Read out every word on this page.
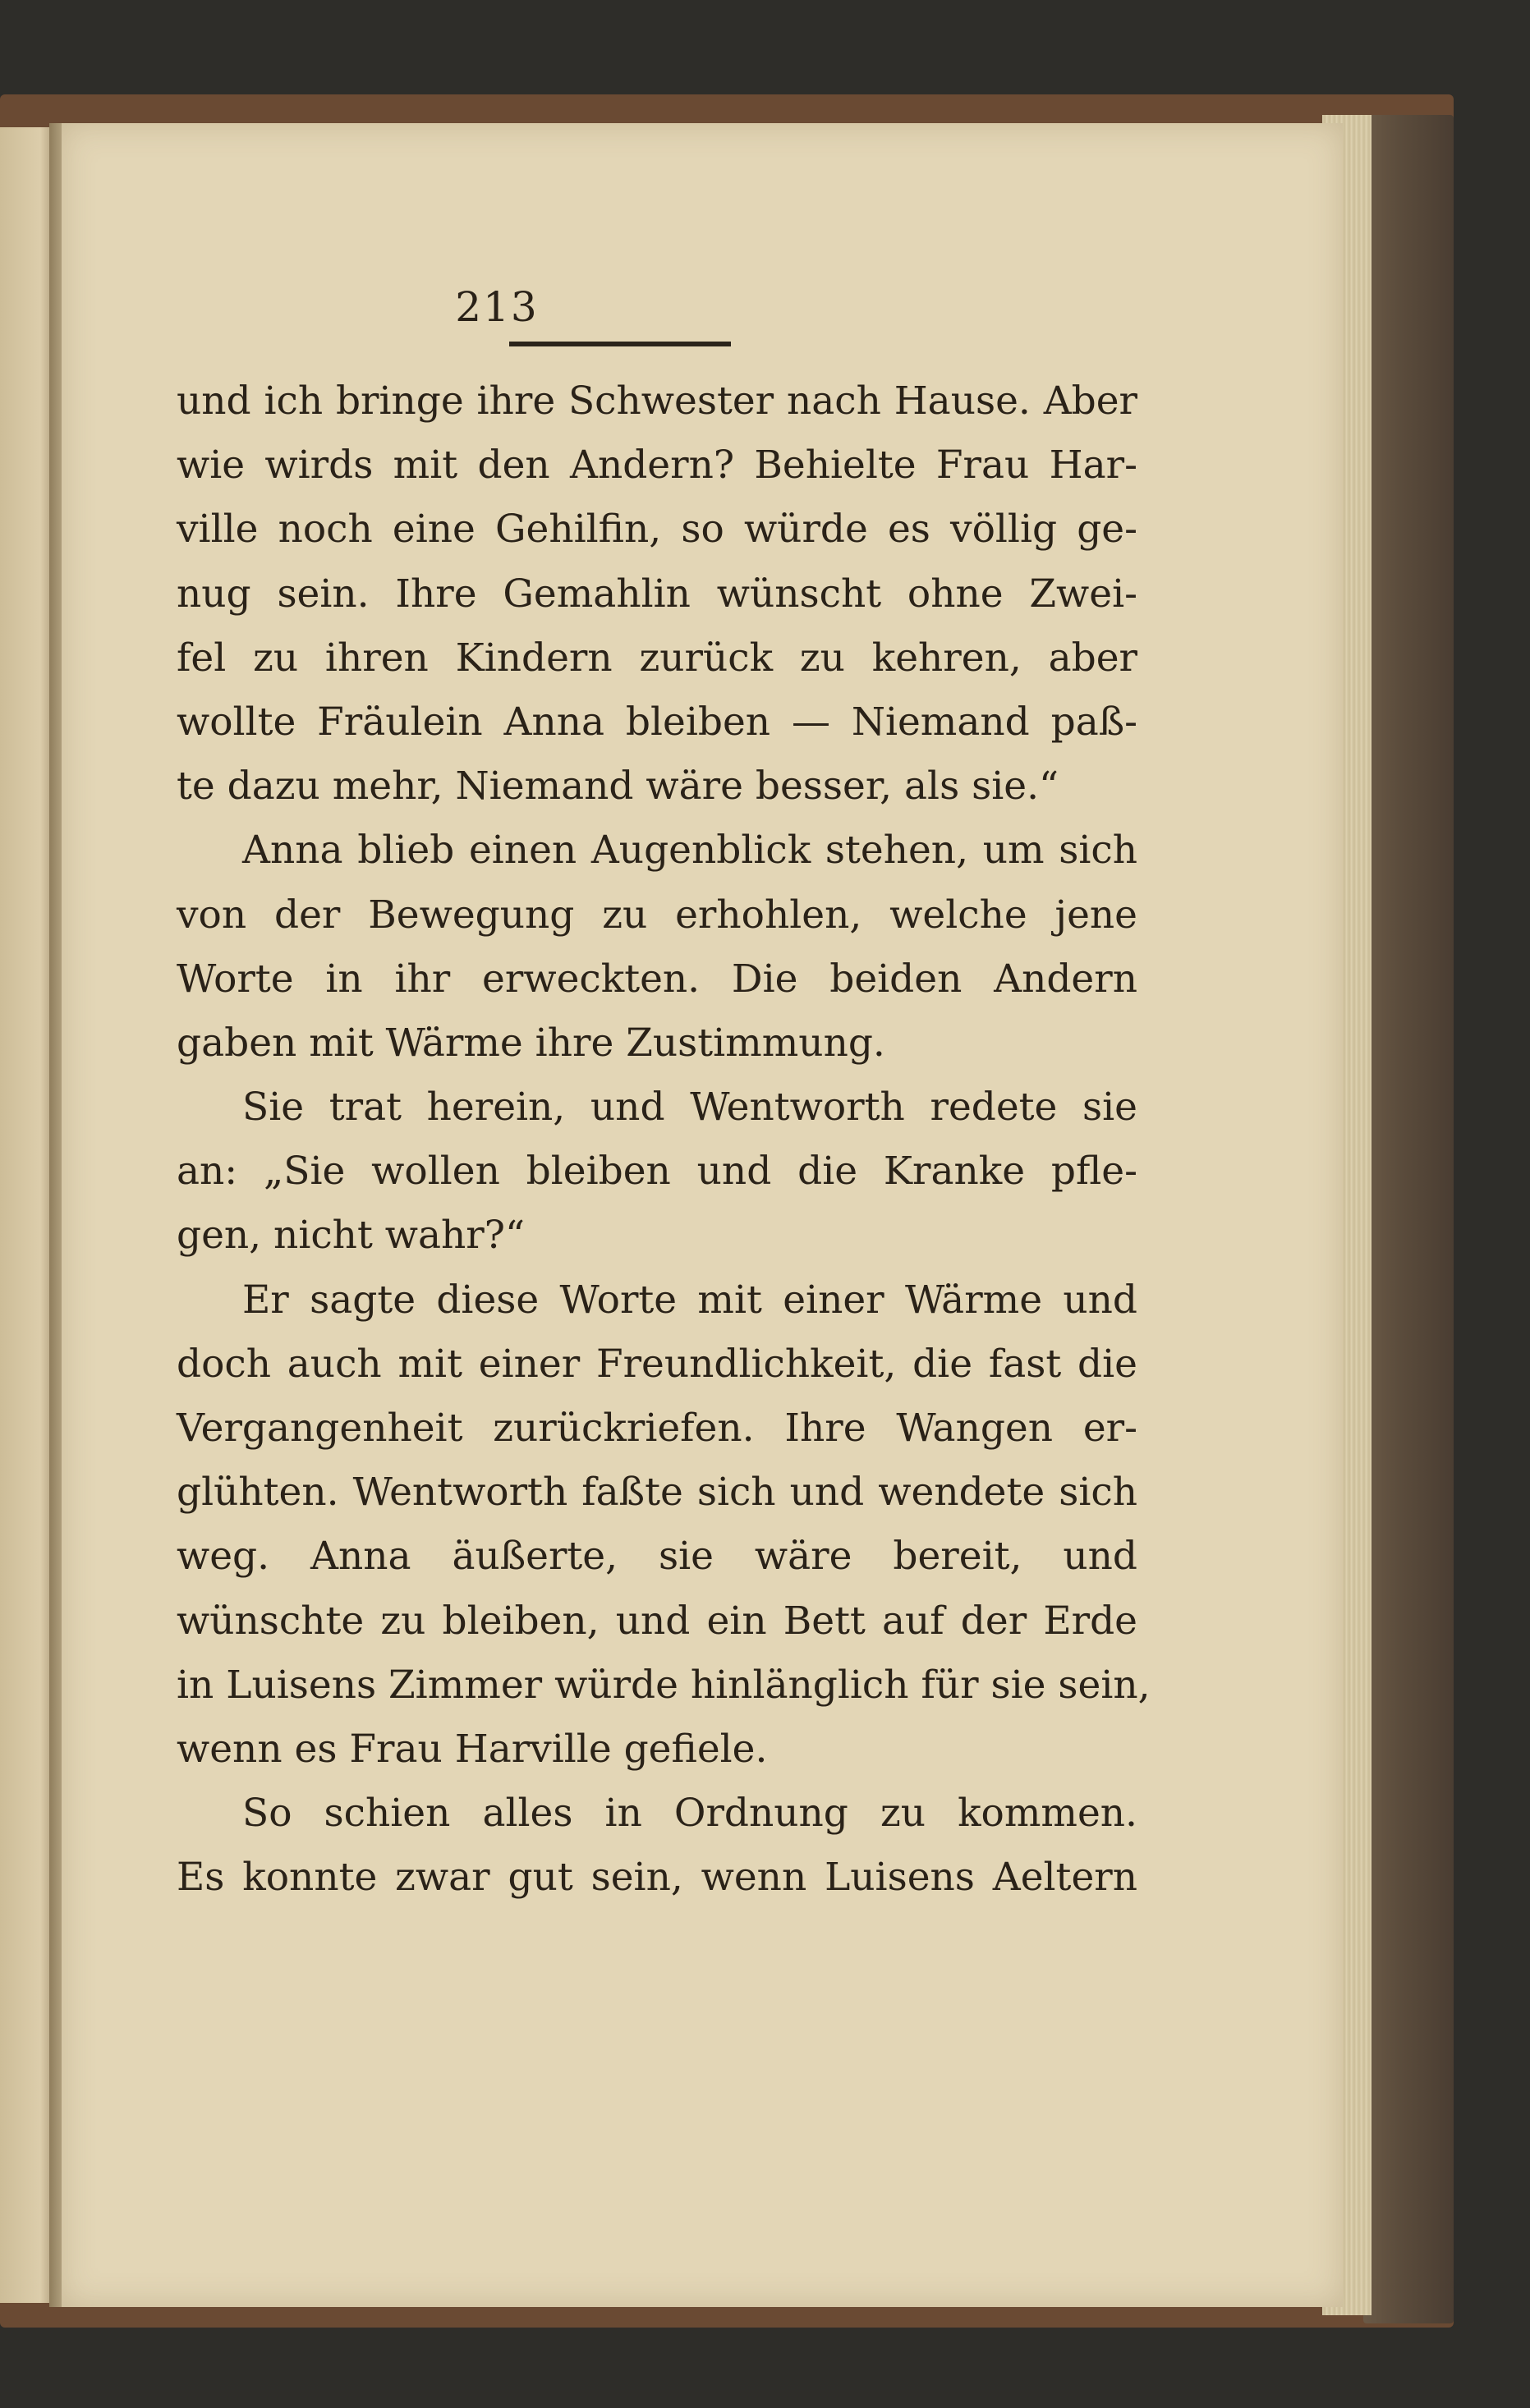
213
und ich bringe ihre Schwester nach Hause. Aber
wie wirds mit den Andern? Behielte Frau Har-
ville noch eine Gehilfin, so würde es völlig ge-
nug sein. Ihre Gemahlin wünscht ohne Zwei-
fel zu ihren Kindern zurück zu kehren, aber
wollte Fräulein Anna bleiben — Niemand paß-
te dazu mehr, Niemand wäre besser, als sie.“
Anna blieb einen Augenblick stehen, um sich
von der Bewegung zu erhohlen, welche jene
Worte in ihr erweckten. Die beiden Andern
gaben mit Wärme ihre Zustimmung.
Sie trat herein, und Wentworth redete sie
an: „Sie wollen bleiben und die Kranke pfle-
gen, nicht wahr?“
Er sagte diese Worte mit einer Wärme und
doch auch mit einer Freundlichkeit, die fast die
Vergangenheit zurückriefen. Ihre Wangen er-
glühten. Wentworth faßte sich und wendete sich
weg. Anna äußerte, sie wäre bereit, und
wünschte zu bleiben, und ein Bett auf der Erde
in Luisens Zimmer würde hinlänglich für sie sein,
wenn es Frau Harville gefiele.
So schien alles in Ordnung zu kommen.
Es konnte zwar gut sein, wenn Luisens Aeltern
